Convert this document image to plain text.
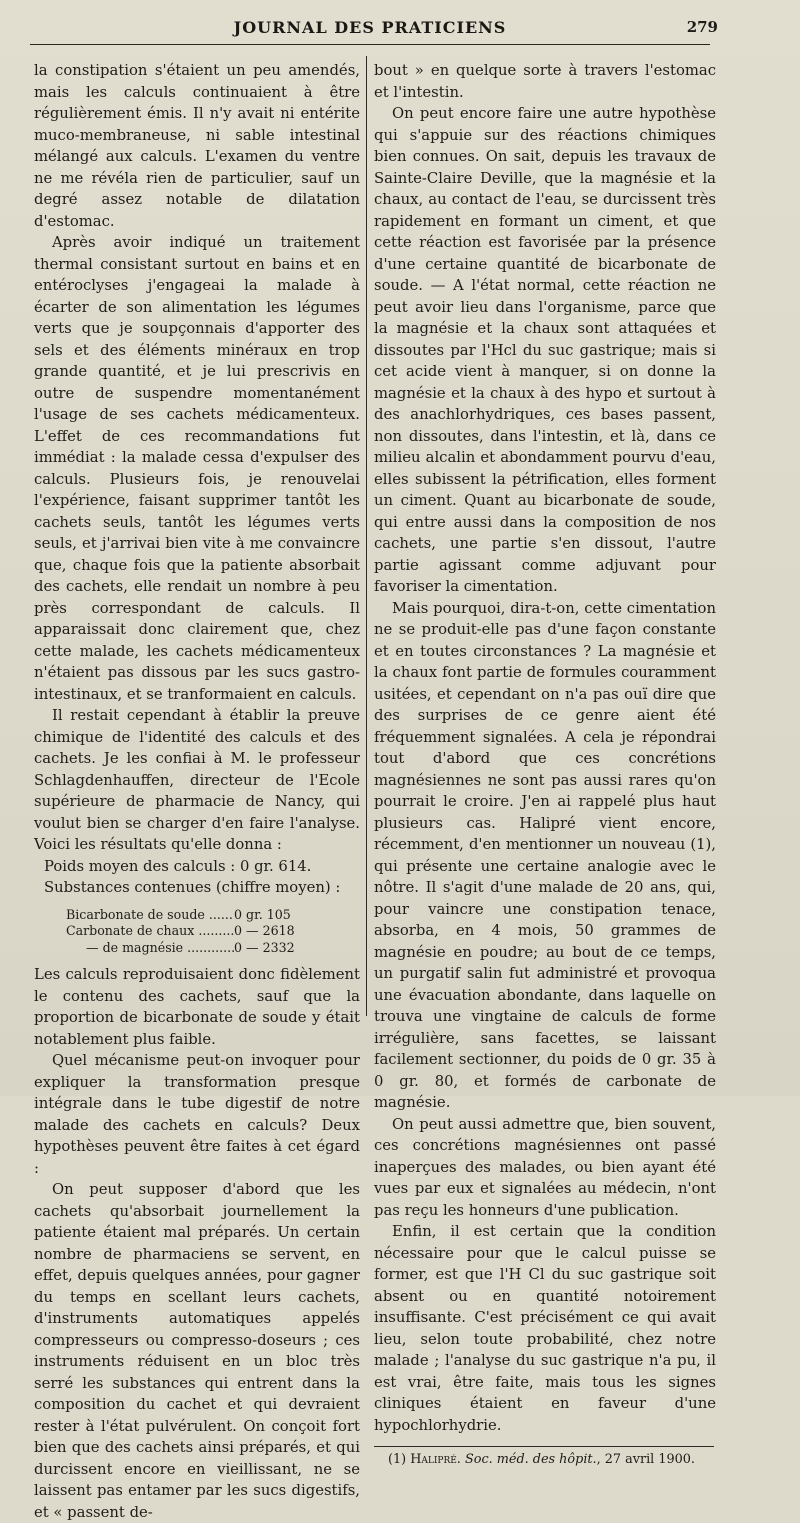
JOURNAL DES PRATICIENS	279

la constipation s'étaient un peu amendés, mais les calculs continuaient à être régulièrement émis. Il n'y avait ni entérite muco-membraneuse, ni sable intestinal mélangé aux calculs. L'examen du ventre ne me révéla rien de particulier, sauf un degré assez notable de dilatation d'estomac.

Après avoir indiqué un traitement thermal consistant surtout en bains et en entéroclyses j'engageai la malade à écarter de son alimentation les légumes verts que je soupçonnais d'apporter des sels et des éléments minéraux en trop grande quantité, et je lui prescrivis en outre de suspendre momentanément l'usage de ses cachets médicamenteux. L'effet de ces recommandations fut immédiat : la malade cessa d'expulser des calculs. Plusieurs fois, je renouvelai l'expérience, faisant supprimer tantôt les cachets seuls, tantôt les légumes verts seuls, et j'arrivai bien vite à me convaincre que, chaque fois que la patiente absorbait des cachets, elle rendait un nombre à peu près correspondant de calculs. Il apparaissait donc clairement que, chez cette malade, les cachets médicamenteux n'étaient pas dissous par les sucs gastro-intestinaux, et se tranformaient en calculs.

Il restait cependant à établir la preuve chimique de l'identité des calculs et des cachets. Je les confiai à M. le professeur Schlagdenhauffen, directeur de l'Ecole supérieure de pharmacie de Nancy, qui voulut bien se charger d'en faire l'analyse. Voici les résultats qu'elle donna :

Poids moyen des calculs : 0 gr. 614.

Substances contenues (chiffre moyen) :

Bicarbonate de soude .....	0 gr. 105
Carbonate de chaux .....	0 — 2618
— de magnésie .....	0 — 2332

Les calculs reproduisaient donc fidèlement le contenu des cachets, sauf que la proportion de bicarbonate de soude y était notablement plus faible.

Quel mécanisme peut-on invoquer pour expliquer la transformation presque intégrale dans le tube digestif de notre malade des cachets en calculs? Deux hypothèses peuvent être faites à cet égard :

On peut supposer d'abord que les cachets qu'absorbait journellement la patiente étaient mal préparés. Un certain nombre de pharmaciens se servent, en effet, depuis quelques années, pour gagner du temps en scellant leurs cachets, d'instruments automatiques appelés compresseurs ou compresso-doseurs ; ces instruments réduisent en un bloc très serré les substances qui entrent dans la composition du cachet et qui devraient rester à l'état pulvérulent. On conçoit fort bien que des cachets ainsi préparés, et qui durcissent encore en vieillissant, ne se laissent pas entamer par les sucs digestifs, et « passent de-

bout » en quelque sorte à travers l'estomac et l'intestin.

On peut encore faire une autre hypothèse qui s'appuie sur des réactions chimiques bien connues. On sait, depuis les travaux de Sainte-Claire Deville, que la magnésie et la chaux, au contact de l'eau, se durcissent très rapidement en formant un ciment, et que cette réaction est favorisée par la présence d'une certaine quantité de bicarbonate de soude. — A l'état normal, cette réaction ne peut avoir lieu dans l'organisme, parce que la magnésie et la chaux sont attaquées et dissoutes par l'Hcl du suc gastrique; mais si cet acide vient à manquer, si on donne la magnésie et la chaux à des hypo et surtout à des anachlorhydriques, ces bases passent, non dissoutes, dans l'intestin, et là, dans ce milieu alcalin et abondamment pourvu d'eau, elles subissent la pétrification, elles forment un ciment. Quant au bicarbonate de soude, qui entre aussi dans la composition de nos cachets, une partie s'en dissout, l'autre partie agissant comme adjuvant pour favoriser la cimentation.

Mais pourquoi, dira-t-on, cette cimentation ne se produit-elle pas d'une façon constante et en toutes circonstances ? La magnésie et la chaux font partie de formules couramment usitées, et cependant on n'a pas ouï dire que des surprises de ce genre aient été fréquemment signalées. A cela je répondrai tout d'abord que ces concrétions magnésiennes ne sont pas aussi rares qu'on pourrait le croire. J'en ai rappelé plus haut plusieurs cas. Halipré vient encore, récemment, d'en mentionner un nouveau (1), qui présente une certaine analogie avec le nôtre. Il s'agit d'une malade de 20 ans, qui, pour vaincre une constipation tenace, absorba, en 4 mois, 50 grammes de magnésie en poudre; au bout de ce temps, un purgatif salin fut administré et provoqua une évacuation abondante, dans laquelle on trouva une vingtaine de calculs de forme irrégulière, sans facettes, se laissant facilement sectionner, du poids de 0 gr. 35 à 0 gr. 80, et formés de carbonate de magnésie.

On peut aussi admettre que, bien souvent, ces concrétions magnésiennes ont passé inaperçues des malades, ou bien ayant été vues par eux et signalées au médecin, n'ont pas reçu les honneurs d'une publication.

Enfin, il est certain que la condition nécessaire pour que le calcul puisse se former, est que l'H Cl du suc gastrique soit absent ou en quantité notoirement insuffisante. C'est précisément ce qui avait lieu, selon toute probabilité, chez notre malade ; l'analyse du suc gastrique n'a pu, il est vrai, être faite, mais tous les signes cliniques étaient en faveur d'une hypochlorhydrie.

(1) Halipré. Soc. méd. des hôpit., 27 avril 1900.
